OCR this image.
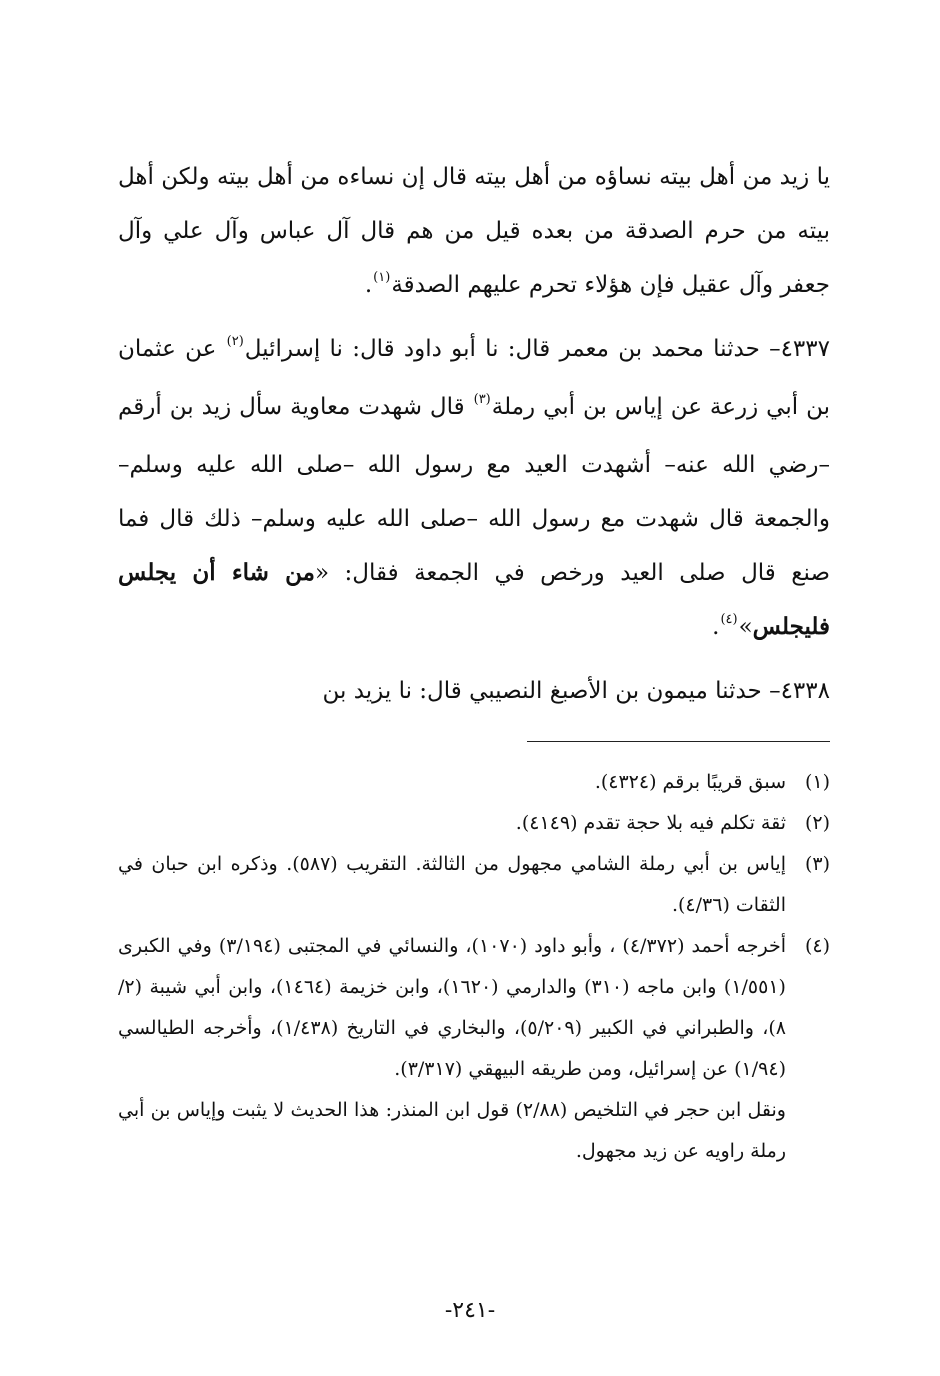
يا زيد من أهل بيته نساؤه من أهل بيته قال إن نساءه من أهل بيته ولكن أهل بيته من حرم الصدقة من بعده قيل من هم قال آل عباس وآل علي وآل جعفر وآل عقيل فإن هؤلاء تحرم عليهم الصدقة$^{(١)}$.

٤٣٣٧– حدثنا محمد بن معمر قال: نا أبو داود قال: نا إسرائيل$^{(٢)}$ عن عثمان بن أبي زرعة عن إياس بن أبي رملة$^{(٣)}$ قال شهدت معاوية سأل زيد بن أرقم –رضي الله عنه– أشهدت العيد مع رسول الله –صلى الله عليه وسلم– والجمعة قال شهدت مع رسول الله –صلى الله عليه وسلم– ذلك قال فما صنع قال صلى العيد ورخص في الجمعة فقال: «من شاء أن يجلس فليجلس»$^{(٤)}$.

٤٣٣٨– حدثنا ميمون بن الأصبغ النصيبي قال: نا يزيد بن

(١)
سبق قريبًا برقم (٤٣٢٤).
(٢)
ثقة تكلم فيه بلا حجة تقدم (٤١٤٩).
(٣)
إياس بن أبي رملة الشامي مجهول من الثالثة. التقريب (٥٨٧). وذكره ابن حبان في الثقات (٤/٣٦).
(٤)
أخرجه أحمد (٤/٣٧٢) ، وأبو داود (١٠٧٠)، والنسائي في المجتبى (٣/١٩٤) وفي الكبرى (١/٥٥١) وابن ماجه (٣١٠) والدارمي (١٦٢٠)، وابن خزيمة (١٤٦٤)، وابن أبي شيبة (٢/ ٨)، والطبراني في الكبير (٥/٢٠٩)، والبخاري في التاريخ (١/٤٣٨)، وأخرجه الطيالسي (١/٩٤) عن إسرائيل، ومن طريقه البيهقي (٣/٣١٧).
ونقل ابن حجر في التلخيص (٢/٨٨) قول ابن المنذر: هذا الحديث لا يثبت وإياس بن أبي رملة راويه عن زيد مجهول.
-٢٤١-
